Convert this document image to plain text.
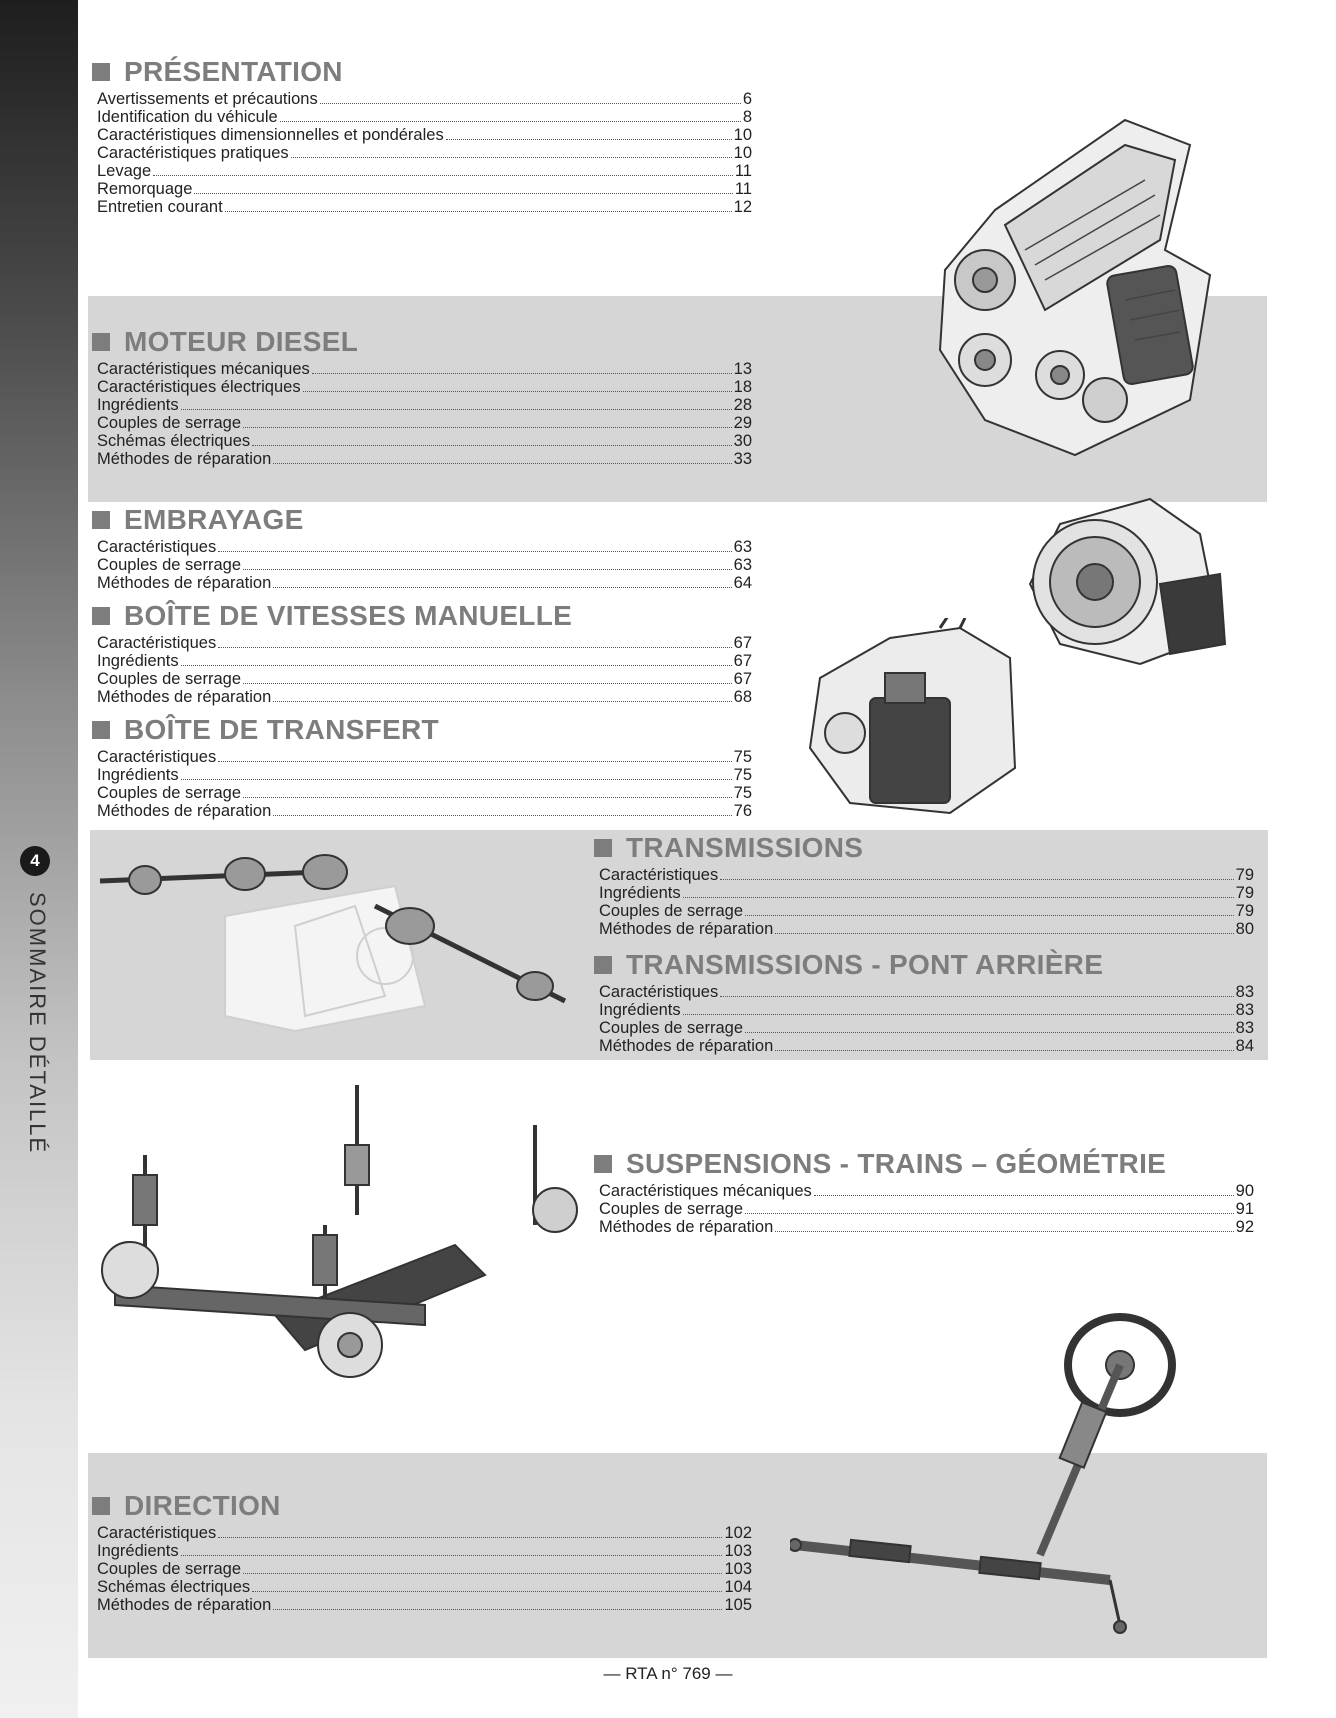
4
SOMMAIRE DÉTAILLÉ
PRÉSENTATION
Avertissements et précautions	6
Identification du véhicule	8
Caractéristiques dimensionnelles et pondérales	10
Caractéristiques pratiques	10
Levage	11
Remorquage	11
Entretien courant	12
MOTEUR DIESEL
Caractéristiques mécaniques	13
Caractéristiques électriques	18
Ingrédients	28
Couples de serrage	29
Schémas électriques	30
Méthodes de réparation	33
EMBRAYAGE
Caractéristiques	63
Couples de serrage	63
Méthodes de réparation	64
BOÎTE DE VITESSES MANUELLE
Caractéristiques	67
Ingrédients	67
Couples de serrage	67
Méthodes de réparation	68
BOÎTE DE TRANSFERT
Caractéristiques	75
Ingrédients	75
Couples de serrage	75
Méthodes de réparation	76
TRANSMISSIONS
Caractéristiques	79
Ingrédients	79
Couples de serrage	79
Méthodes de réparation	80
TRANSMISSIONS - PONT ARRIÈRE
Caractéristiques	83
Ingrédients	83
Couples de serrage	83
Méthodes de réparation	84
SUSPENSIONS - TRAINS – GÉOMÉTRIE
Caractéristiques mécaniques	90
Couples de serrage	91
Méthodes de réparation	92
DIRECTION
Caractéristiques	102
Ingrédients	103
Couples de serrage	103
Schémas électriques	104
Méthodes de réparation	105
— RTA n° 769 —
